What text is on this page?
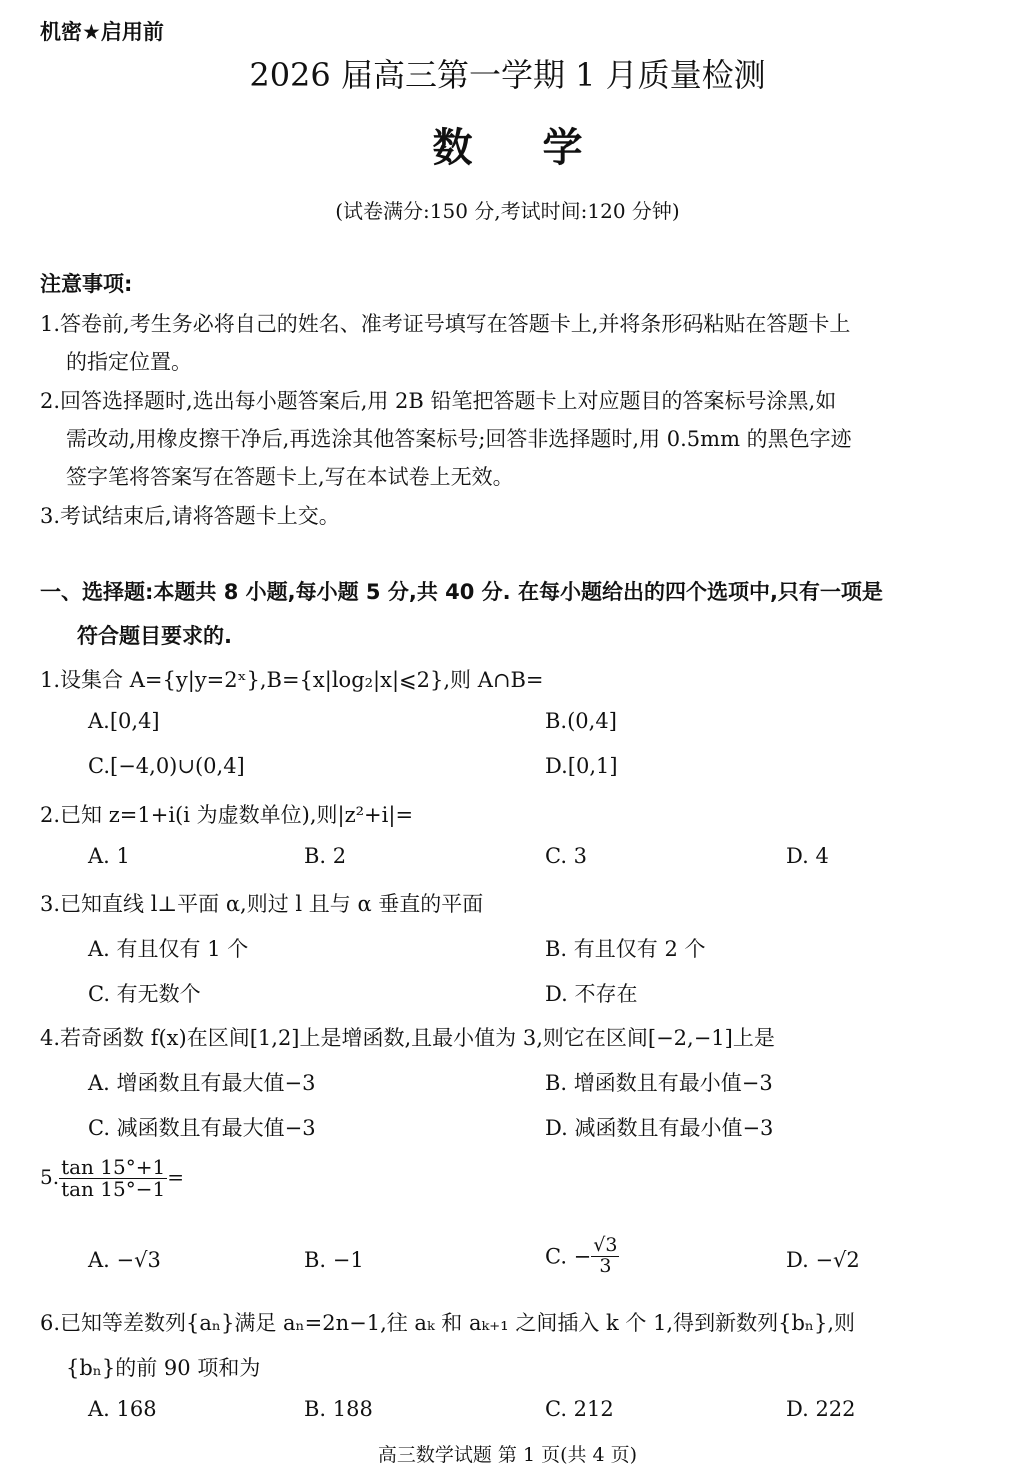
机密★启用前
2026 届高三第一学期 1 月质量检测
数学
(试卷满分:150 分,考试时间:120 分钟)
注意事项:
1.答卷前,考生务必将自己的姓名、准考证号填写在答题卡上,并将条形码粘贴在答题卡上
的指定位置。
2.回答选择题时,选出每小题答案后,用 2B 铅笔把答题卡上对应题目的答案标号涂黑,如
需改动,用橡皮擦干净后,再选涂其他答案标号;回答非选择题时,用 0.5mm 的黑色字迹
签字笔将答案写在答题卡上,写在本试卷上无效。
3.考试结束后,请将答题卡上交。
一、选择题:本题共 8 小题,每小题 5 分,共 40 分. 在每小题给出的四个选项中,只有一项是
符合题目要求的.
1.设集合 A={y|y=2ˣ},B={x|log₂|x|⩽2},则 A∩B=
A.[0,4]	B.(0,4]
C.[−4,0)∪(0,4]	D.[0,1]
2.已知 z=1+i(i 为虚数单位),则|z²+i|=
A. 1	B. 2	C. 3	D. 4
3.已知直线 l⊥平面 α,则过 l 且与 α 垂直的平面
A. 有且仅有 1 个	B. 有且仅有 2 个
C. 有无数个	D. 不存在
4.若奇函数 f(x)在区间[1,2]上是增函数,且最小值为 3,则它在区间[−2,−1]上是
A. 增函数且有最大值−3	B. 增函数且有最小值−3
C. 减函数且有最大值−3	D. 减函数且有最小值−3
5. $\frac{\tan 15^\circ+1}{\tan 15^\circ-1}$ =
A. −√3	B. −1	C. − $\frac{√3}{3}$	D. −√2
6.已知等差数列{aₙ}满足 aₙ=2n−1,往 aₖ 和 aₖ₊₁ 之间插入 k 个 1,得到新数列{bₙ},则
{bₙ}的前 90 项和为
A. 168	B. 188	C. 212	D. 222
高三数学试题 第 1 页(共 4 页)
